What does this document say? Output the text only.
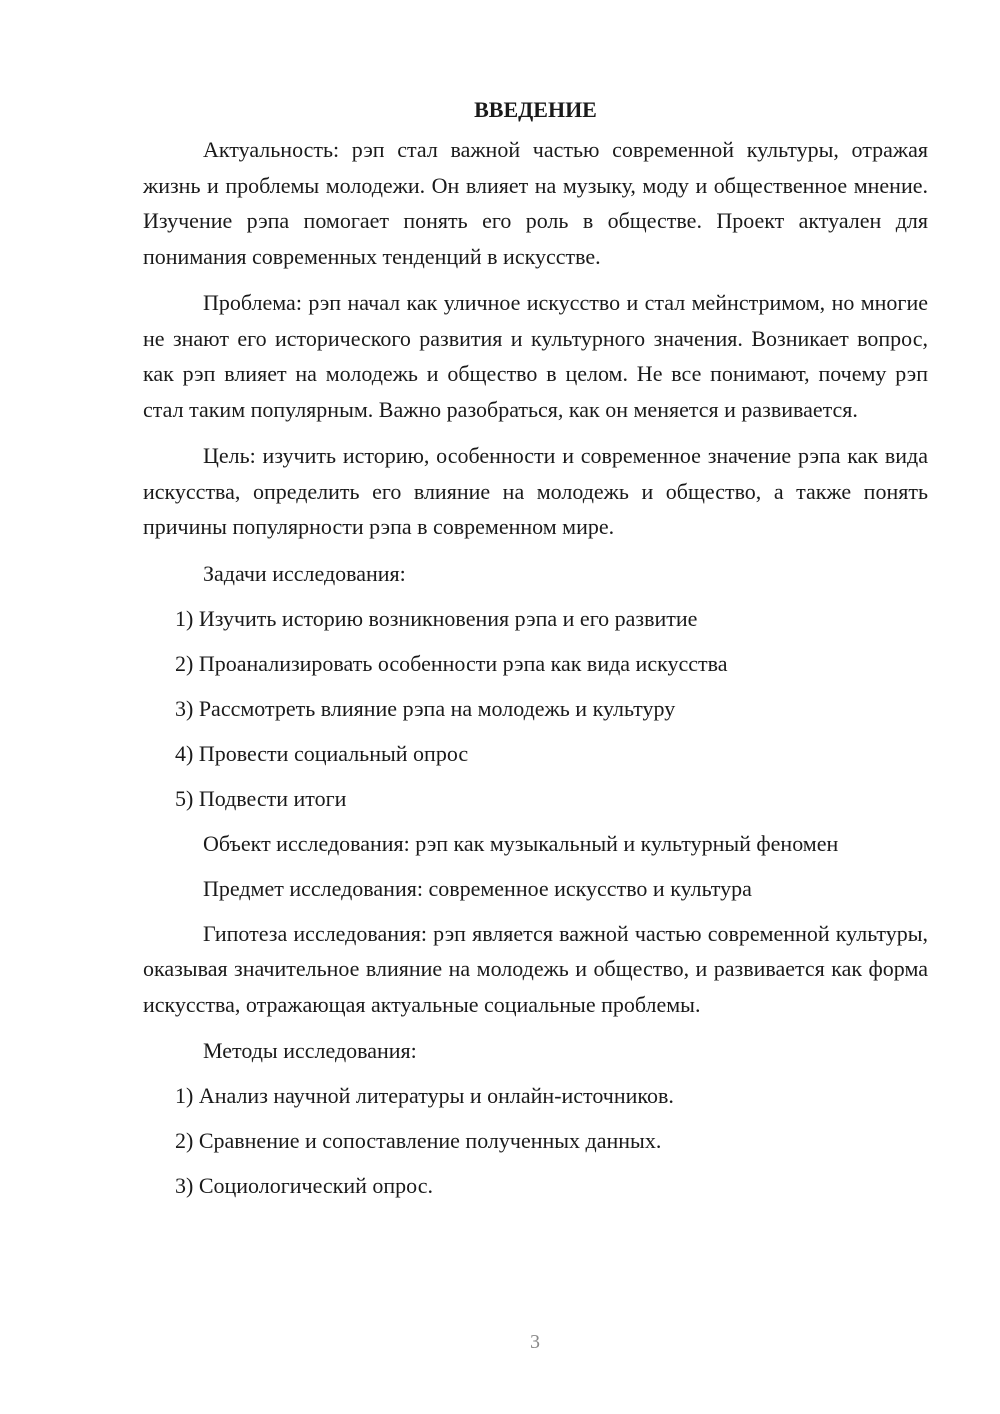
ВВЕДЕНИЕ

Актуальность: рэп стал важной частью современной культуры, отражая жизнь и проблемы молодежи. Он влияет на музыку, моду и общественное мнение. Изучение рэпа помогает понять его роль в обществе. Проект актуален для понимания современных тенденций в искусстве.

Проблема: рэп начал как уличное искусство и стал мейнстримом, но многие не знают его исторического развития и культурного значения. Возникает вопрос, как рэп влияет на молодежь и общество в целом. Не все понимают, почему рэп стал таким популярным. Важно разобраться, как он меняется и развивается.

Цель: изучить историю, особенности и современное значение рэпа как вида искусства, определить его влияние на молодежь и общество, а также понять причины популярности рэпа в современном мире.

Задачи исследования:

1) Изучить историю возникновения рэпа и его развитие
2) Проанализировать особенности рэпа как вида искусства
3) Рассмотреть влияние рэпа на молодежь и культуру
4) Провести социальный опрос
5) Подвести итоги

Объект исследования: рэп как музыкальный и культурный феномен

Предмет исследования: современное искусство и культура

Гипотеза исследования: рэп является важной частью современной культуры, оказывая значительное влияние на молодежь и общество, и развивается как форма искусства, отражающая актуальные социальные проблемы.

Методы исследования:

1) Анализ научной литературы и онлайн-источников.
2) Сравнение и сопоставление полученных данных.
3) Социологический опрос.
3
